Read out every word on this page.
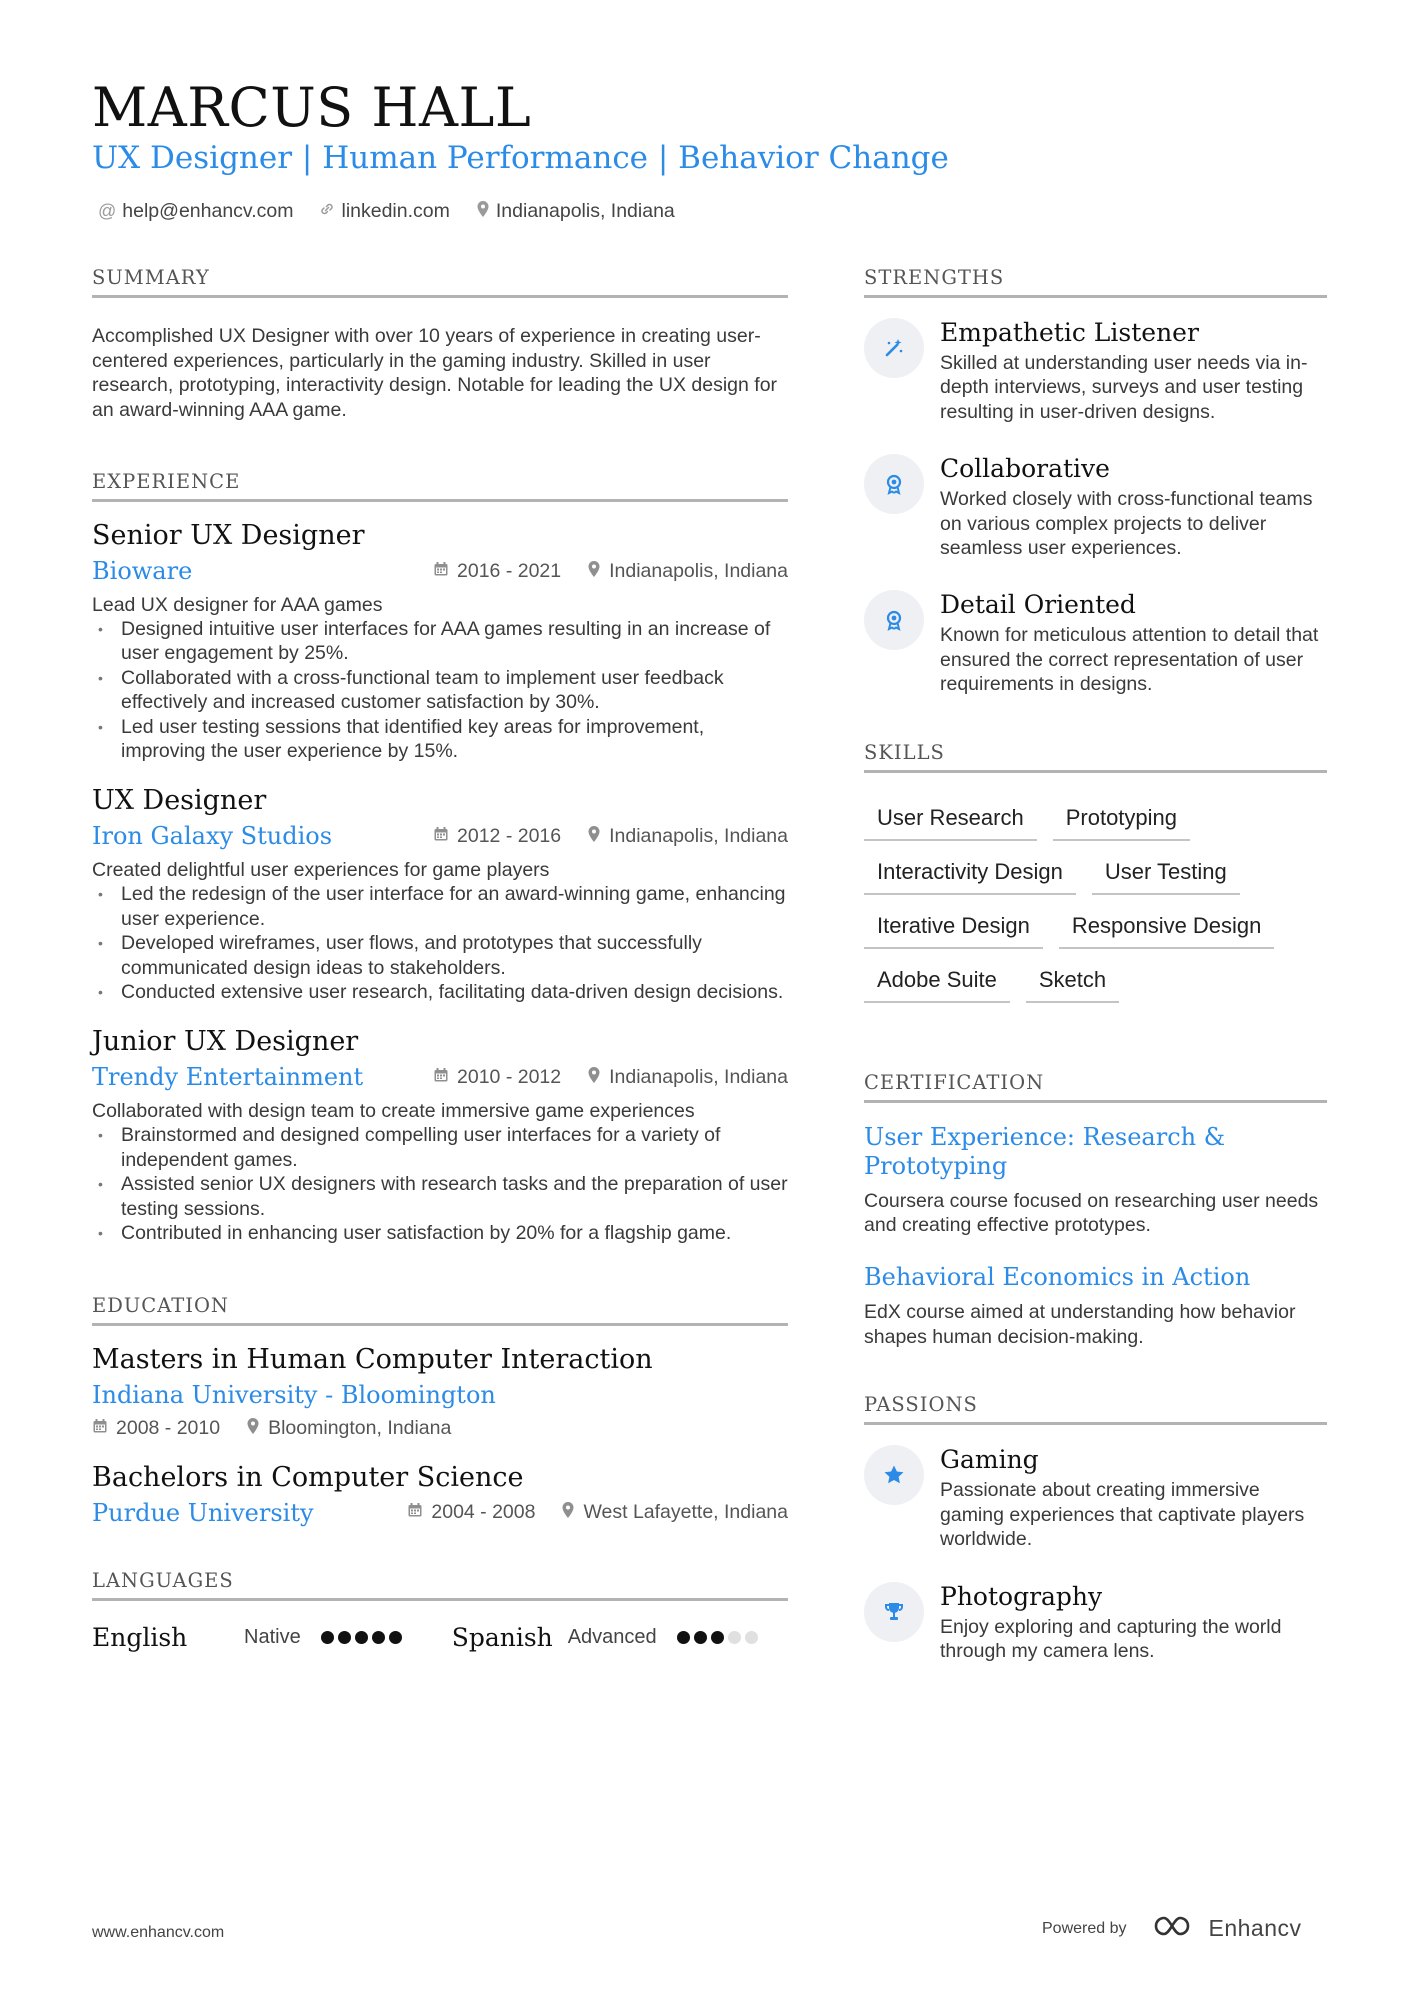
MARCUS HALL
UX Designer | Human Performance | Behavior Change
@ help@enhancv.com linkedin.com Indianapolis, Indiana
SUMMARY
Accomplished UX Designer with over 10 years of experience in creating user-centered experiences, particularly in the gaming industry. Skilled in user research, prototyping, interactivity design. Notable for leading the UX design for an award-winning AAA game.
EXPERIENCE
Senior UX Designer
Bioware	2016 - 2021 Indianapolis, Indiana
Lead UX designer for AAA games
• Designed intuitive user interfaces for AAA games resulting in an increase of user engagement by 25%.
• Collaborated with a cross-functional team to implement user feedback effectively and increased customer satisfaction by 30%.
• Led user testing sessions that identified key areas for improvement, improving the user experience by 15%.
UX Designer
Iron Galaxy Studios	2012 - 2016 Indianapolis, Indiana
Created delightful user experiences for game players
• Led the redesign of the user interface for an award-winning game, enhancing user experience.
• Developed wireframes, user flows, and prototypes that successfully communicated design ideas to stakeholders.
• Conducted extensive user research, facilitating data-driven design decisions.
Junior UX Designer
Trendy Entertainment	2010 - 2012 Indianapolis, Indiana
Collaborated with design team to create immersive game experiences
• Brainstormed and designed compelling user interfaces for a variety of independent games.
• Assisted senior UX designers with research tasks and the preparation of user testing sessions.
• Contributed in enhancing user satisfaction by 20% for a flagship game.
EDUCATION
Masters in Human Computer Interaction
Indiana University - Bloomington
2008 - 2010 Bloomington, Indiana
Bachelors in Computer Science
Purdue University	2004 - 2008 West Lafayette, Indiana
LANGUAGES
English	Native	Spanish Advanced
STRENGTHS
Empathetic Listener
Skilled at understanding user needs via in-depth interviews, surveys and user testing resulting in user-driven designs.
Collaborative
Worked closely with cross-functional teams on various complex projects to deliver seamless user experiences.
Detail Oriented
Known for meticulous attention to detail that ensured the correct representation of user requirements in designs.
SKILLS
User Research	Prototyping
Interactivity Design	User Testing
Iterative Design	Responsive Design
Adobe Suite	Sketch
CERTIFICATION
User Experience: Research & Prototyping
Coursera course focused on researching user needs and creating effective prototypes.
Behavioral Economics in Action
EdX course aimed at understanding how behavior shapes human decision-making.
PASSIONS
Gaming
Passionate about creating immersive gaming experiences that captivate players worldwide.
Photography
Enjoy exploring and capturing the world through my camera lens.
www.enhancv.com	Powered by	Enhancv
